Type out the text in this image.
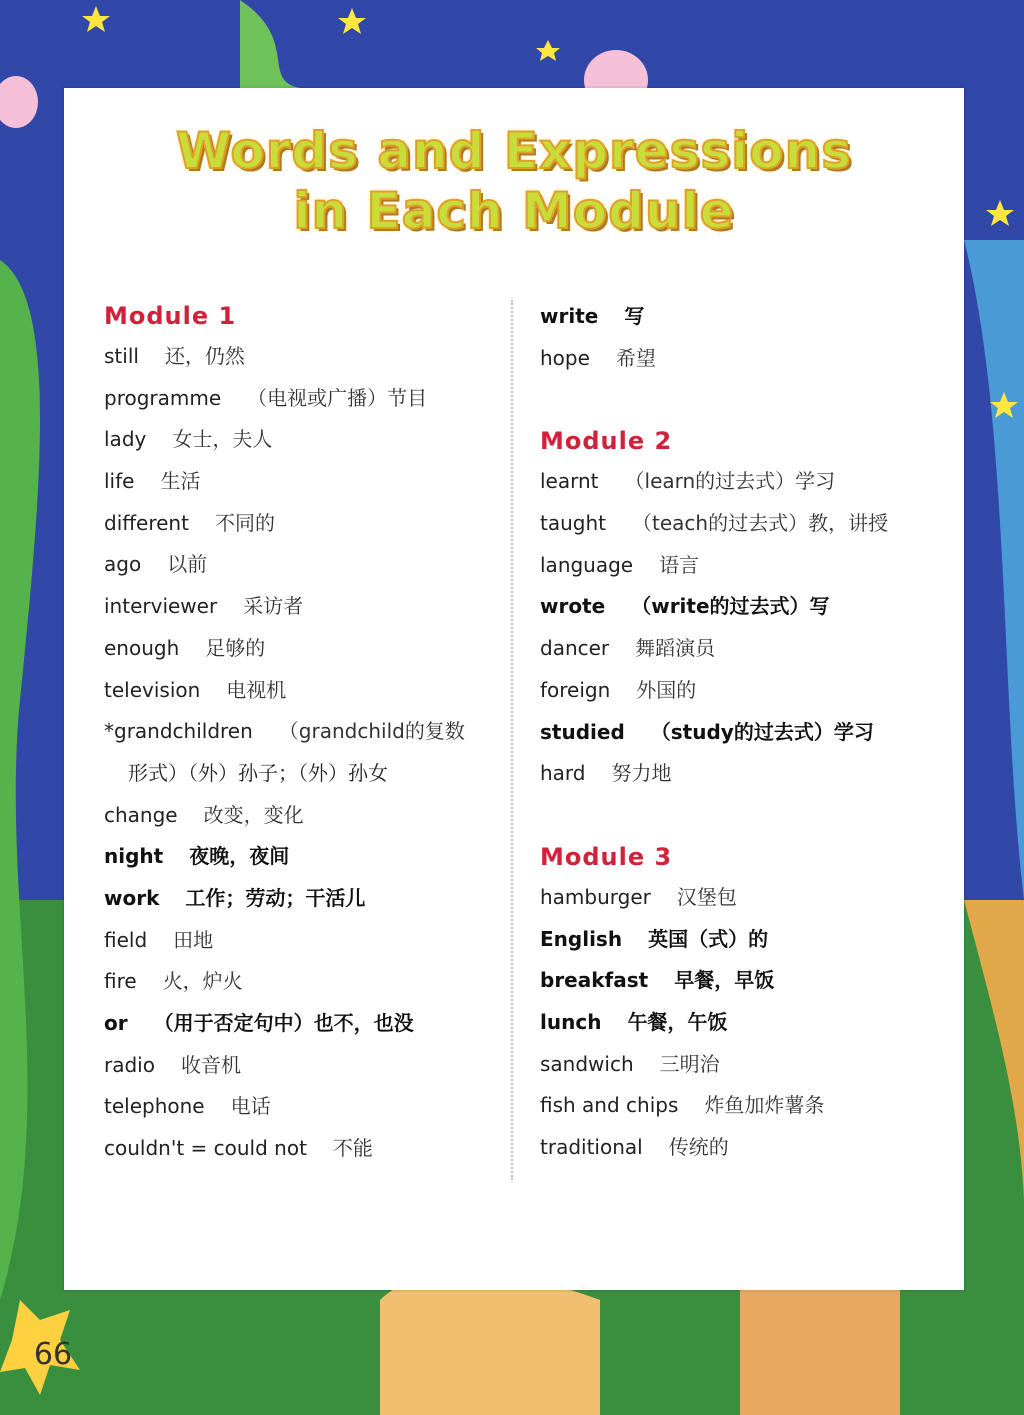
Words and Expressions
in Each Module
Module 1
still 还，仍然
programme （电视或广播）节目
lady 女士，夫人
life 生活
different 不同的
ago 以前
interviewer 采访者
enough 足够的
television 电视机
*grandchildren （grandchild的复数
形式）（外）孙子；（外）孙女
change 改变，变化
night 夜晚，夜间
work 工作；劳动；干活儿
field 田地
fire 火，炉火
or （用于否定句中）也不，也没
radio 收音机
telephone 电话
couldn't = could not 不能
write 写
hope 希望
Module 2
learnt （learn的过去式）学习
taught （teach的过去式）教，讲授
language 语言
wrote （write的过去式）写
dancer 舞蹈演员
foreign 外国的
studied （study的过去式）学习
hard 努力地
Module 3
hamburger 汉堡包
English 英国（式）的
breakfast 早餐，早饭
lunch 午餐，午饭
sandwich 三明治
fish and chips 炸鱼加炸薯条
traditional 传统的
66
